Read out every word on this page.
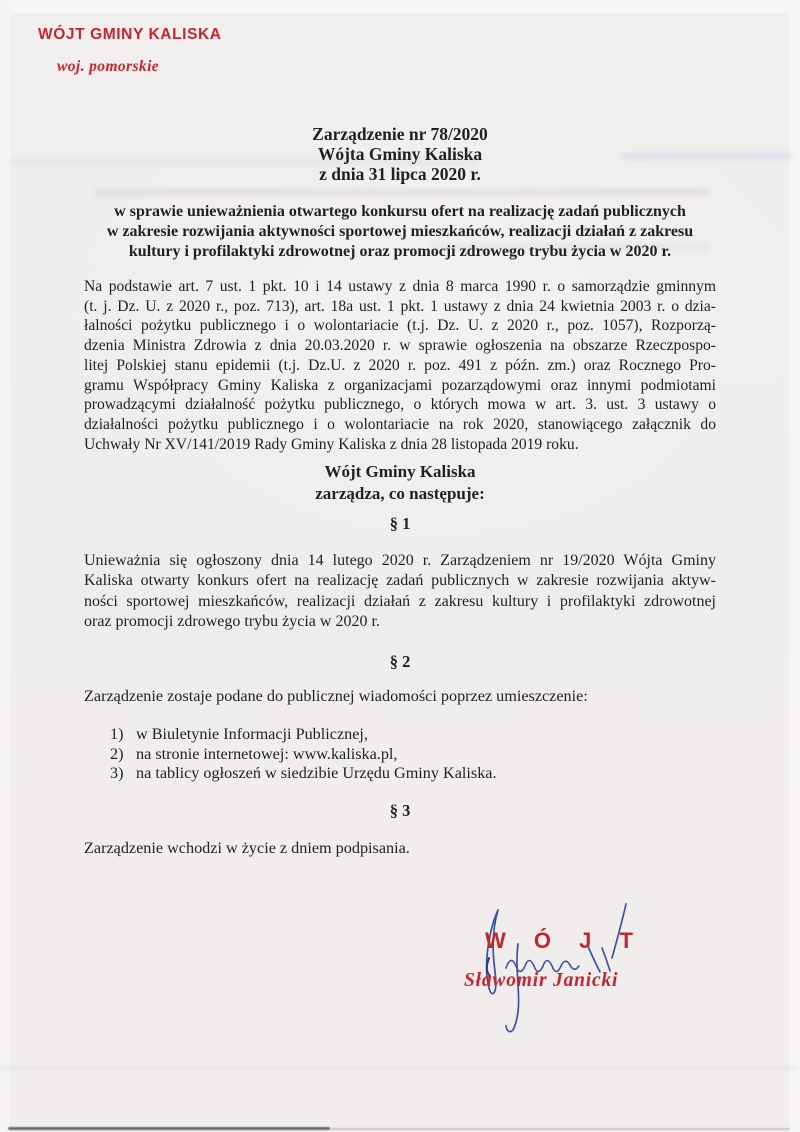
WÓJT GMINY KALISKA
woj. pomorskie
Zarządzenie nr 78/2020
Wójta Gminy Kaliska
z dnia 31 lipca 2020 r.
w sprawie unieważnienia otwartego konkursu ofert na realizację zadań publicznych
w zakresie rozwijania aktywności sportowej mieszkańców, realizacji działań z zakresu
kultury i profilaktyki zdrowotnej oraz promocji zdrowego trybu życia w 2020 r.
Na podstawie art. 7 ust. 1 pkt. 10 i 14 ustawy z dnia 8 marca 1990 r. o samorządzie gminnym
(t. j. Dz. U. z 2020 r., poz. 713), art. 18a ust. 1 pkt. 1 ustawy z dnia 24 kwietnia 2003 r. o dzia-
łalności pożytku publicznego i o wolontariacie (t.j. Dz. U. z 2020 r., poz. 1057), Rozporzą-
dzenia Ministra Zdrowia z dnia 20.03.2020 r. w sprawie ogłoszenia na obszarze Rzeczpospo-
litej Polskiej stanu epidemii (t.j. Dz.U. z 2020 r. poz. 491 z późn. zm.) oraz Rocznego Pro-
gramu Współpracy Gminy Kaliska z organizacjami pozarządowymi oraz innymi podmiotami
prowadzącymi działalność pożytku publicznego, o których mowa w art. 3. ust. 3 ustawy o
działalności pożytku publicznego i o wolontariacie na rok 2020, stanowiącego załącznik do
Uchwały Nr XV/141/2019 Rady Gminy Kaliska z dnia 28 listopada 2019 roku.
Wójt Gminy Kaliska
zarządza, co następuje:
§ 1
Unieważnia się ogłoszony dnia 14 lutego 2020 r. Zarządzeniem nr 19/2020 Wójta Gminy
Kaliska otwarty konkurs ofert na realizację zadań publicznych w zakresie rozwijania aktyw-
ności sportowej mieszkańców, realizacji działań z zakresu kultury i profilaktyki zdrowotnej
oraz promocji zdrowego trybu życia w 2020 r.
§ 2
Zarządzenie zostaje podane do publicznej wiadomości poprzez umieszczenie:
1) w Biuletynie Informacji Publicznej,
2) na stronie internetowej: www.kaliska.pl,
3) na tablicy ogłoszeń w siedzibie Urzędu Gminy Kaliska.
§ 3
Zarządzenie wchodzi w życie z dniem podpisania.
W Ó J T
Sławomir Janicki
